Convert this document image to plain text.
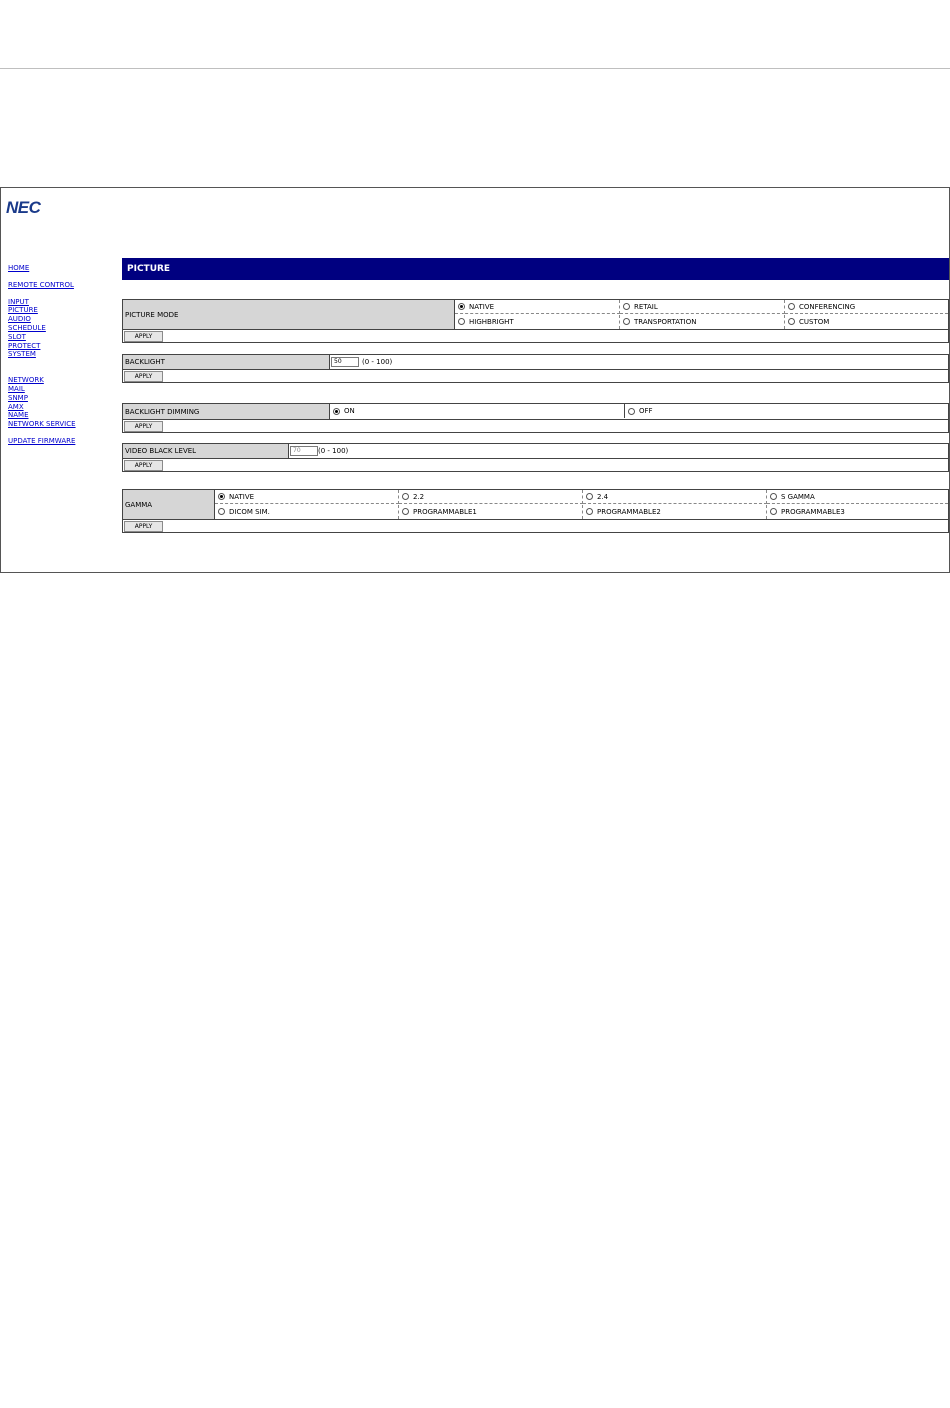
NEC
HOME
REMOTE CONTROL
INPUT
PICTURE
AUDIO
SCHEDULE
SLOT
PROTECT
SYSTEM
NETWORK
MAIL
SNMP
AMX
NAME
NETWORK SERVICE
UPDATE FIRMWARE
PICTURE
PICTURE MODE
NATIVE	RETAIL	CONFERENCING
HIGHBRIGHT	TRANSPORTATION	CUSTOM
APPLY
BACKLIGHT	50	(0 - 100)
APPLY
BACKLIGHT DIMMING	ON	OFF
APPLY
VIDEO BLACK LEVEL	70	(0 - 100)
APPLY
GAMMA
NATIVE	2.2	2.4	S GAMMA
DICOM SIM.	PROGRAMMABLE1	PROGRAMMABLE2	PROGRAMMABLE3
APPLY
